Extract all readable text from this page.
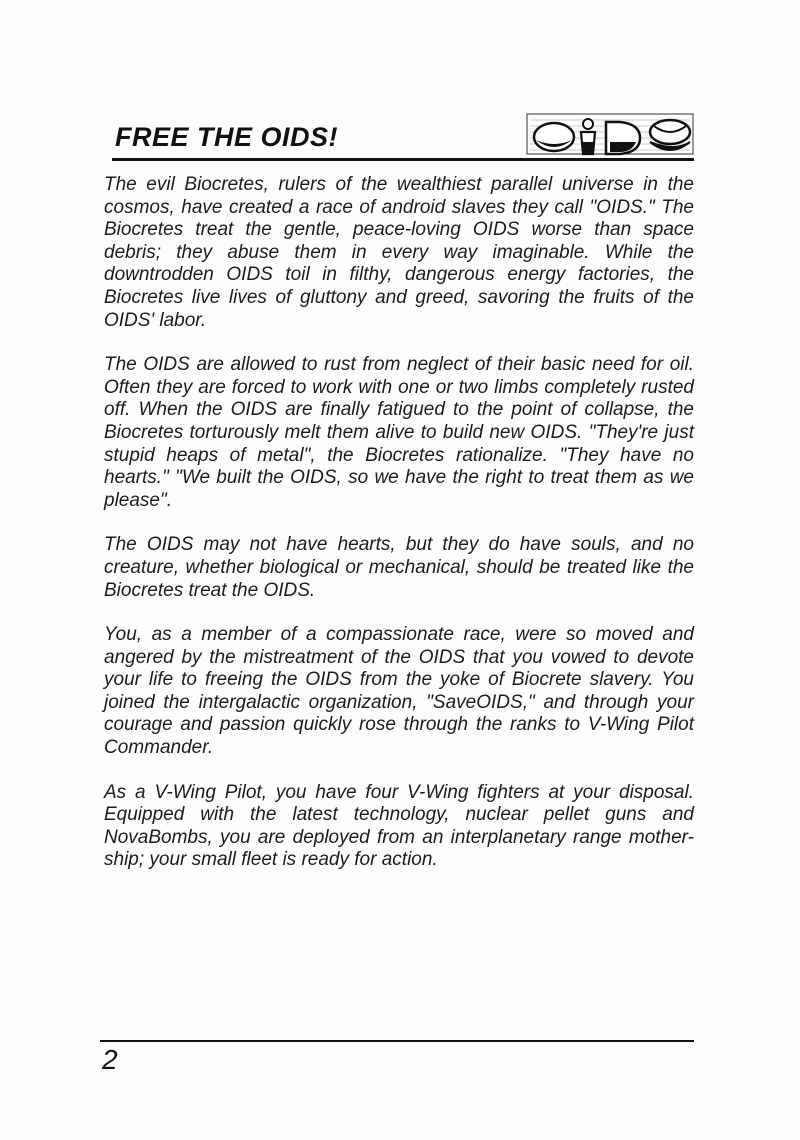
FREE THE OIDS!

The evil Biocretes, rulers of the wealthiest parallel universe in the cosmos, have created a race of android slaves they call "OIDS." The Biocretes treat the gentle, peace-loving OIDS worse than space debris; they abuse them in every way imaginable. While the downtrodden OIDS toil in filthy, dangerous energy factories, the Biocretes live lives of gluttony and greed, savoring the fruits of the OIDS' labor.

The OIDS are allowed to rust from neglect of their basic need for oil. Often they are forced to work with one or two limbs completely rusted off. When the OIDS are finally fatigued to the point of collapse, the Biocretes torturously melt them alive to build new OIDS. "They're just stupid heaps of metal", the Biocretes rationalize. "They have no hearts." "We built the OIDS, so we have the right to treat them as we please".

The OIDS may not have hearts, but they do have souls, and no creature, whether biological or mechanical, should be treated like the Biocretes treat the OIDS.

You, as a member of a compassionate race, were so moved and angered by the mistreatment of the OIDS that you vowed to devote your life to freeing the OIDS from the yoke of Biocrete slavery. You joined the intergalactic organization, "SaveOIDS," and through your courage and passion quickly rose through the ranks to V-Wing Pilot Commander.

As a V-Wing Pilot, you have four V-Wing fighters at your disposal. Equipped with the latest technology, nuclear pellet guns and NovaBombs, you are deployed from an interplanetary range mother-ship; your small fleet is ready for action.

2
